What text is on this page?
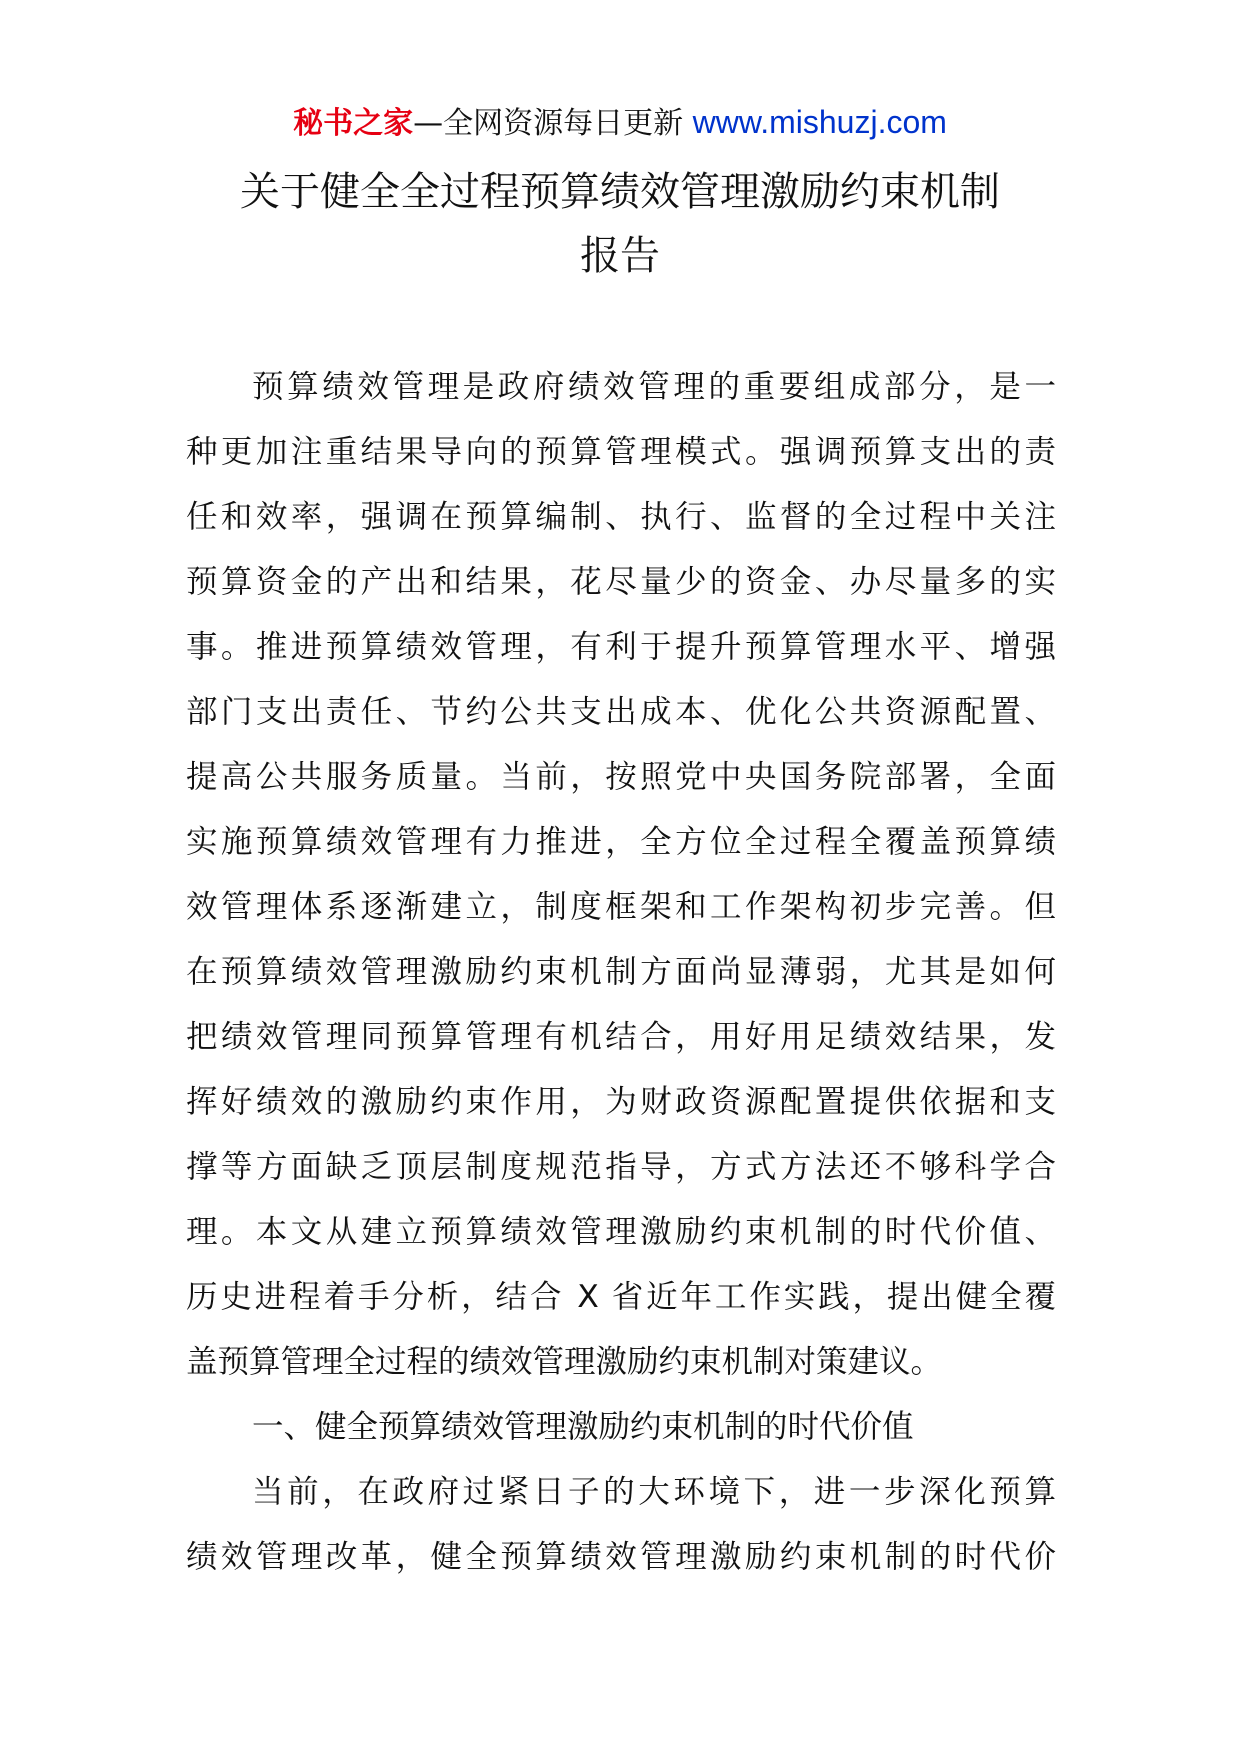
秘书之家—全网资源每日更新 www.mishuzj.com
关于健全全过程预算绩效管理激励约束机制
报告
预算绩效管理是政府绩效管理的重要组成部分，是一
种更加注重结果导向的预算管理模式。强调预算支出的责
任和效率，强调在预算编制、执行、监督的全过程中关注
预算资金的产出和结果，花尽量少的资金、办尽量多的实
事。推进预算绩效管理，有利于提升预算管理水平、增强
部门支出责任、节约公共支出成本、优化公共资源配置、
提高公共服务质量。当前，按照党中央国务院部署，全面
实施预算绩效管理有力推进，全方位全过程全覆盖预算绩
效管理体系逐渐建立，制度框架和工作架构初步完善。但
在预算绩效管理激励约束机制方面尚显薄弱，尤其是如何
把绩效管理同预算管理有机结合，用好用足绩效结果，发
挥好绩效的激励约束作用，为财政资源配置提供依据和支
撑等方面缺乏顶层制度规范指导，方式方法还不够科学合
理。本文从建立预算绩效管理激励约束机制的时代价值、
历史进程着手分析，结合 X 省近年工作实践，提出健全覆
盖预算管理全过程的绩效管理激励约束机制对策建议。
一、健全预算绩效管理激励约束机制的时代价值
当前，在政府过紧日子的大环境下，进一步深化预算
绩效管理改革，健全预算绩效管理激励约束机制的时代价
